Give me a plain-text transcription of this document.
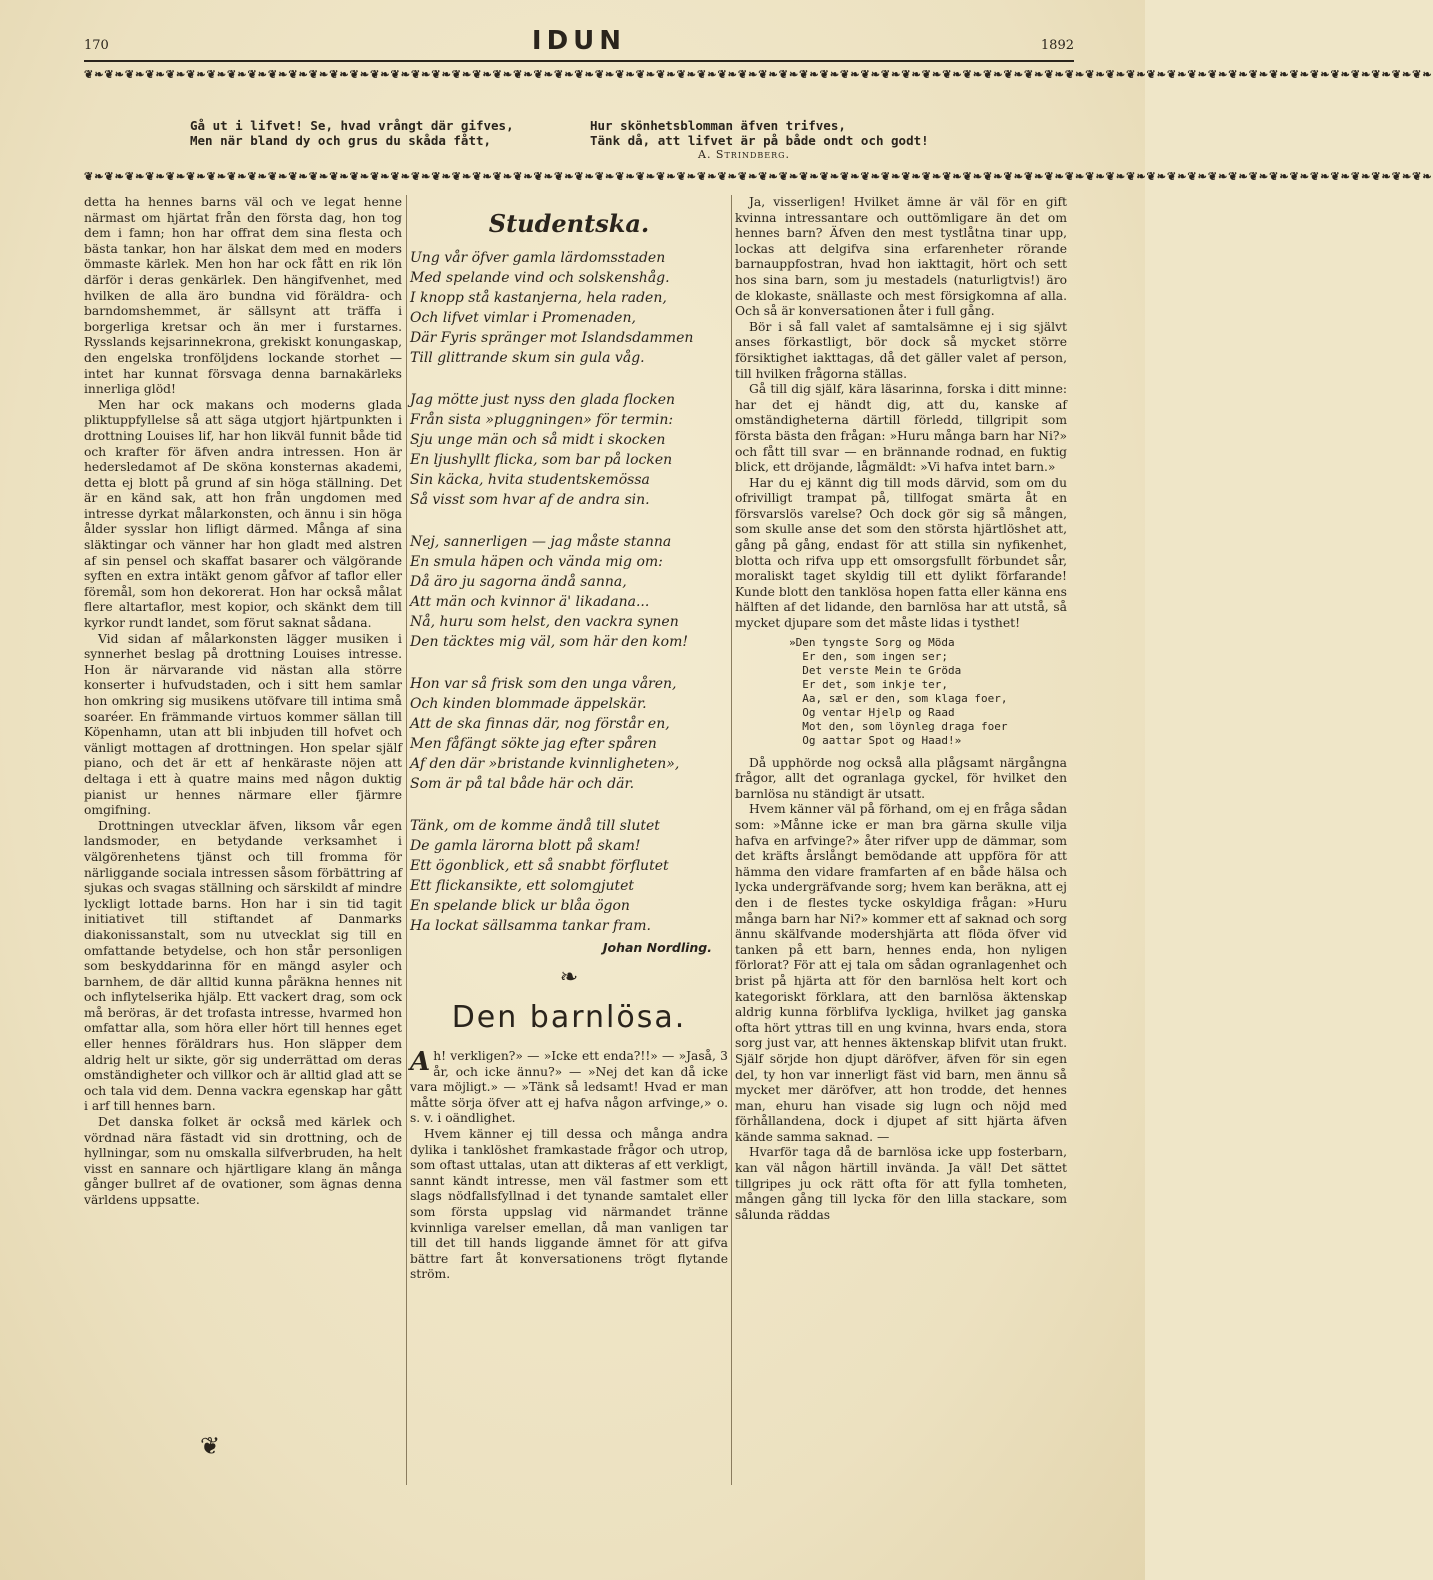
170	IDUN	1892
❦❧❦❧❦❧❦❧❦❧❦❧❦❧❦❧❦❧❦❧❦❧❦❧❦❧❦❧❦❧❦❧❦❧❦❧❦❧❦❧❦❧❦❧❦❧❦❧❦❧❦❧❦❧❦❧❦❧❦❧❦❧❦❧❦❧❦❧❦❧❦❧❦❧❦❧❦❧❦❧❦❧❦❧❦❧❦❧❦❧❦❧❦❧❦❧❦❧❦❧❦❧❦❧❦❧❦❧❦❧❦❧❦❧❦❧❦❧❦❧❦❧❦❧❦❧❦❧❦❧❦❧
Gå ut i lifvet! Se, hvad vrångt där gifves,
Men när bland dy och grus du skåda fått,
Hur skönhetsblomman äfven trifves,
Tänk då, att lifvet är på både ondt och godt!
A. Strindberg.
❦❧❦❧❦❧❦❧❦❧❦❧❦❧❦❧❦❧❦❧❦❧❦❧❦❧❦❧❦❧❦❧❦❧❦❧❦❧❦❧❦❧❦❧❦❧❦❧❦❧❦❧❦❧❦❧❦❧❦❧❦❧❦❧❦❧❦❧❦❧❦❧❦❧❦❧❦❧❦❧❦❧❦❧❦❧❦❧❦❧❦❧❦❧❦❧❦❧❦❧❦❧❦❧❦❧❦❧❦❧❦❧❦❧❦❧❦❧❦❧❦❧❦❧❦❧❦❧❦❧❦❧

detta ha hennes barns väl och ve legat henne närmast om hjärtat från den första dag, hon tog dem i famn; hon har offrat dem sina flesta och bästa tankar, hon har älskat dem med en moders ömmaste kärlek. Men hon har ock fått en rik lön därför i deras genkärlek. Den hängifvenhet, med hvilken de alla äro bundna vid föräldra- och barndomshemmet, är sällsynt att träffa i borgerliga kretsar och än mer i furstarnes. Rysslands kejsarinnekrona, grekiskt konungaskap, den engelska tronföljdens lockande storhet — intet har kunnat försvaga denna barnakärleks innerliga glöd!

Men har ock makans och moderns glada pliktuppfyllelse så att säga utgjort hjärtpunkten i drottning Louises lif, har hon likväl funnit både tid och krafter för äfven andra intressen. Hon är hedersledamot af De sköna konsternas akademi, detta ej blott på grund af sin höga ställning. Det är en känd sak, att hon från ungdomen med intresse dyrkat målarkonsten, och ännu i sin höga ålder sysslar hon lifligt därmed. Många af sina släktingar och vänner har hon gladt med alstren af sin pensel och skaffat basarer och välgörande syften en extra intäkt genom gåfvor af taflor eller föremål, som hon dekorerat. Hon har också målat flere altartaflor, mest kopior, och skänkt dem till kyrkor rundt landet, som förut saknat sådana.

Vid sidan af målarkonsten lägger musiken i synnerhet beslag på drottning Louises intresse. Hon är närvarande vid nästan alla större konserter i hufvudstaden, och i sitt hem samlar hon omkring sig musikens utöfvare till intima små soaréer. En främmande virtuos kommer sällan till Köpenhamn, utan att bli inbjuden till hofvet och vänligt mottagen af drottningen. Hon spelar själf piano, och det är ett af henkäraste nöjen att deltaga i ett à quatre mains med någon duktig pianist ur hennes närmare eller fjärmre omgifning.

Drottningen utvecklar äfven, liksom vår egen landsmoder, en betydande verksamhet i välgörenhetens tjänst och till fromma för närliggande sociala intressen såsom förbättring af sjukas och svagas ställning och särskildt af mindre lyckligt lottade barns. Hon har i sin tid tagit initiativet till stiftandet af Danmarks diakonissanstalt, som nu utvecklat sig till en omfattande betydelse, och hon står personligen som beskyddarinna för en mängd asyler och barnhem, de där alltid kunna påräkna hennes nit och inflytelserika hjälp. Ett vackert drag, som ock må beröras, är det trofasta intresse, hvarmed hon omfattar alla, som höra eller hört till hennes eget eller hennes föräldrars hus. Hon släpper dem aldrig helt ur sikte, gör sig underrättad om deras omständigheter och villkor och är alltid glad att se och tala vid dem. Denna vackra egenskap har gått i arf till hennes barn.

Det danska folket är också med kärlek och vördnad nära fästadt vid sin drottning, och de hyllningar, som nu omskalla silfverbruden, ha helt visst en sannare och hjärtligare klang än många gånger bullret af de ovationer, som ägnas denna världens uppsatte.

❦
Studentska.
Ung vår öfver gamla lärdomsstaden
Med spelande vind och solskenshåg.
I knopp stå kastanjerna, hela raden,
Och lifvet vimlar i Promenaden,
Där Fyris spränger mot Islandsdammen
Till glittrande skum sin gula våg.
Jag mötte just nyss den glada flocken
Från sista »pluggningen» för termin:
Sju unge män och så midt i skocken
En ljushyllt flicka, som bar på locken
Sin käcka, hvita studentskemössa
Så visst som hvar af de andra sin.
Nej, sannerligen — jag måste stanna
En smula häpen och vända mig om:
Då äro ju sagorna ändå sanna,
Att män och kvinnor ä' likadana...
Nå, huru som helst, den vackra synen
Den täcktes mig väl, som här den kom!
Hon var så frisk som den unga våren,
Och kinden blommade äppelskär.
Att de ska finnas där, nog förstår en,
Men fåfängt sökte jag efter spåren
Af den där »bristande kvinnligheten»,
Som är på tal både här och där.
Tänk, om de komme ändå till slutet
De gamla lärorna blott på skam!
Ett ögonblick, ett så snabbt förflutet
Ett flickansikte, ett solomgjutet
En spelande blick ur blåa ögon
Ha lockat sällsamma tankar fram.
Johan Nordling.
❧
Den barnlösa.

Ah! verkligen?» — »Icke ett enda?!!» — »Jaså, 3 år, och icke ännu?» — »Nej det kan då icke vara möjligt.» — »Tänk så ledsamt! Hvad er man måtte sörja öfver att ej hafva någon arfvinge,» o. s. v. i oändlighet.

Hvem känner ej till dessa och många andra dylika i tanklöshet framkastade frågor och utrop, som oftast uttalas, utan att dikteras af ett verkligt, sannt kändt intresse, men väl fastmer som ett slags nödfallsfyllnad i det tynande samtalet eller som första uppslag vid närmandet tränne kvinnliga varelser emellan, då man vanligen tar till det till hands liggande ämnet för att gifva bättre fart åt konversationens trögt flytande ström.

Ja, visserligen! Hvilket ämne är väl för en gift kvinna intressantare och outtömligare än det om hennes barn? Äfven den mest tystlåtna tinar upp, lockas att delgifva sina erfarenheter rörande barnauppfostran, hvad hon iakttagit, hört och sett hos sina barn, som ju mestadels (naturligtvis!) äro de klokaste, snällaste och mest försigkomna af alla. Och så är konversationen åter i full gång.

Bör i så fall valet af samtalsämne ej i sig självt anses förkastligt, bör dock så mycket större försiktighet iakttagas, då det gäller valet af person, till hvilken frågorna ställas.

Gå till dig själf, kära läsarinna, forska i ditt minne: har det ej händt dig, att du, kanske af omständigheterna därtill förledd, tillgripit som första bästa den frågan: »Huru många barn har Ni?» och fått till svar — en brännande rodnad, en fuktig blick, ett dröjande, lågmäldt: »Vi hafva intet barn.»

Har du ej kännt dig till mods därvid, som om du ofrivilligt trampat på, tillfogat smärta åt en försvarslös varelse? Och dock gör sig så mången, som skulle anse det som den största hjärtlöshet att, gång på gång, endast för att stilla sin nyfikenhet, blotta och rifva upp ett omsorgsfullt förbundet sår, moraliskt taget skyldig till ett dylikt förfarande! Kunde blott den tanklösa hopen fatta eller känna ens hälften af det lidande, den barnlösa har att utstå, så mycket djupare som det måste lidas i tysthet!

»Den tyngste Sorg og Möda
Er den, som ingen ser;
Det verste Mein te Gröda
Er det, som inkje ter,
Aa, sæl er den, som klaga foer,
Og ventar Hjelp og Raad
Mot den, som löynleg draga foer
Og aattar Spot og Haad!»

Då upphörde nog också alla plågsamt närgångna frågor, allt det ogranlaga gyckel, för hvilket den barnlösa nu ständigt är utsatt.

Hvem känner väl på förhand, om ej en fråga sådan som: »Månne icke er man bra gärna skulle vilja hafva en arfvinge?» åter rifver upp de dämmar, som det kräfts årslångt bemödande att uppföra för att hämma den vidare framfarten af en både hälsa och lycka undergräfvande sorg; hvem kan beräkna, att ej den i de flestes tycke oskyldiga frågan: »Huru många barn har Ni?» kommer ett af saknad och sorg ännu skälfvande modershjärta att flöda öfver vid tanken på ett barn, hennes enda, hon nyligen förlorat? För att ej tala om sådan ogranlagenhet och brist på hjärta att för den barnlösa helt kort och kategoriskt förklara, att den barnlösa äktenskap aldrig kunna förblifva lyckliga, hvilket jag ganska ofta hört yttras till en ung kvinna, hvars enda, stora sorg just var, att hennes äktenskap blifvit utan frukt. Själf sörjde hon djupt däröfver, äfven för sin egen del, ty hon var innerligt fäst vid barn, men ännu så mycket mer däröfver, att hon trodde, det hennes man, ehuru han visade sig lugn och nöjd med förhållandena, dock i djupet af sitt hjärta äfven kände samma saknad. —

Hvarför taga då de barnlösa icke upp fosterbarn, kan väl någon härtill invända. Ja väl! Det sättet tillgripes ju ock rätt ofta för att fylla tomheten, mången gång till lycka för den lilla stackare, som sålunda räddas
